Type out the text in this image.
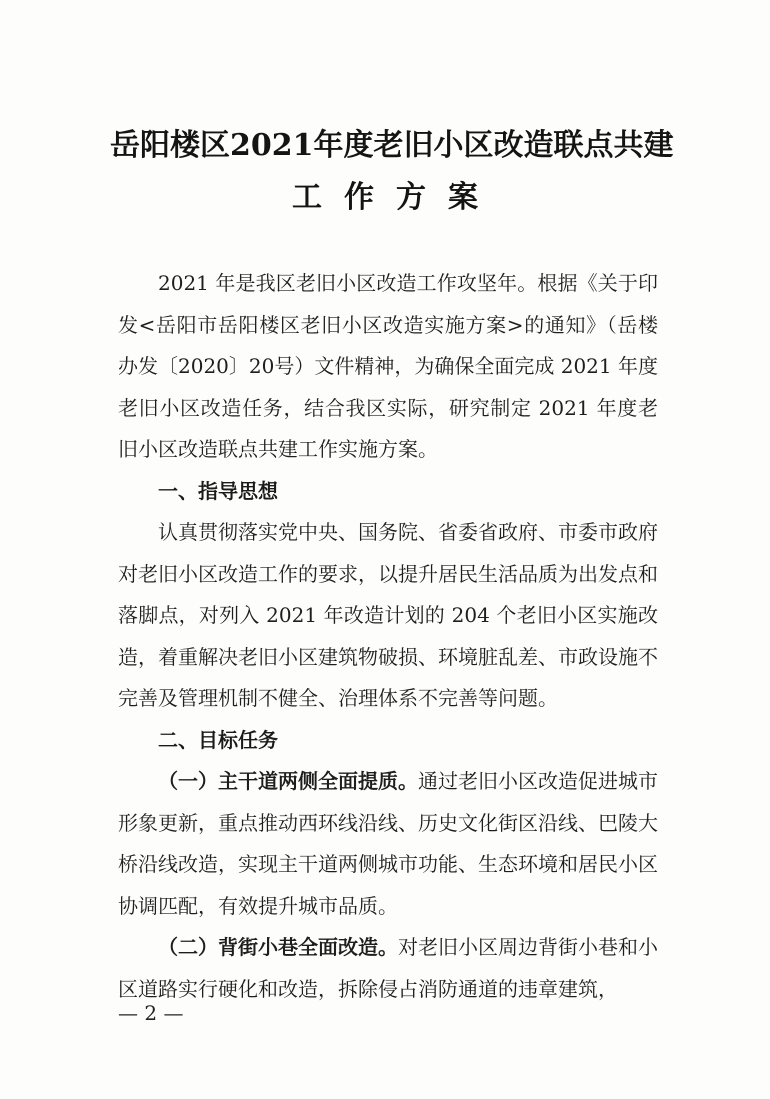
岳阳楼区2021年度老旧小区改造联点共建
工作方案

2021 年是我区老旧小区改造工作攻坚年。根据《关于印发<岳阳市岳阳楼区老旧小区改造实施方案>的通知》（岳楼办发〔2020〕20号）文件精神，为确保全面完成 2021 年度老旧小区改造任务，结合我区实际，研究制定 2021 年度老旧小区改造联点共建工作实施方案。

一、指导思想

认真贯彻落实党中央、国务院、省委省政府、市委市政府对老旧小区改造工作的要求，以提升居民生活品质为出发点和落脚点，对列入 2021 年改造计划的 204 个老旧小区实施改造，着重解决老旧小区建筑物破损、环境脏乱差、市政设施不完善及管理机制不健全、治理体系不完善等问题。

二、目标任务

（一）主干道两侧全面提质。通过老旧小区改造促进城市形象更新，重点推动西环线沿线、历史文化街区沿线、巴陵大桥沿线改造，实现主干道两侧城市功能、生态环境和居民小区协调匹配，有效提升城市品质。

（二）背街小巷全面改造。对老旧小区周边背街小巷和小区道路实行硬化和改造，拆除侵占消防通道的违章建筑，

— 2 —
